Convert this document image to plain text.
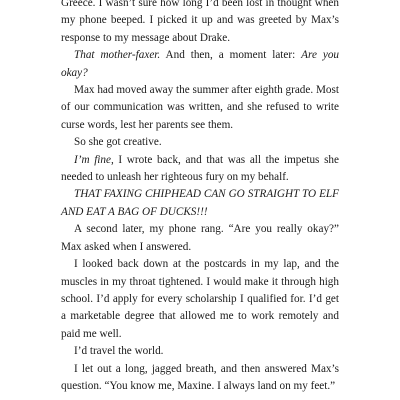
Greece. I wasn’t sure how long I’d been lost in thought when my phone beeped. I picked it up and was greeted by Max’s response to my message about Drake.

That mother-faxer. And then, a moment later: Are you okay?

Max had moved away the summer after eighth grade. Most of our communication was written, and she refused to write curse words, lest her parents see them.

So she got creative.

I’m fine, I wrote back, and that was all the impetus she needed to unleash her righteous fury on my behalf.

THAT FAXING CHIPHEAD CAN GO STRAIGHT TO ELF AND EAT A BAG OF DUCKS!!!

A second later, my phone rang. “Are you really okay?” Max asked when I answered.

I looked back down at the postcards in my lap, and the muscles in my throat tightened. I would make it through high school. I’d apply for every scholarship I qualified for. I’d get a marketable degree that allowed me to work remotely and paid me well.

I’d travel the world.

I let out a long, jagged breath, and then answered Max’s question. “You know me, Maxine. I always land on my feet.”
